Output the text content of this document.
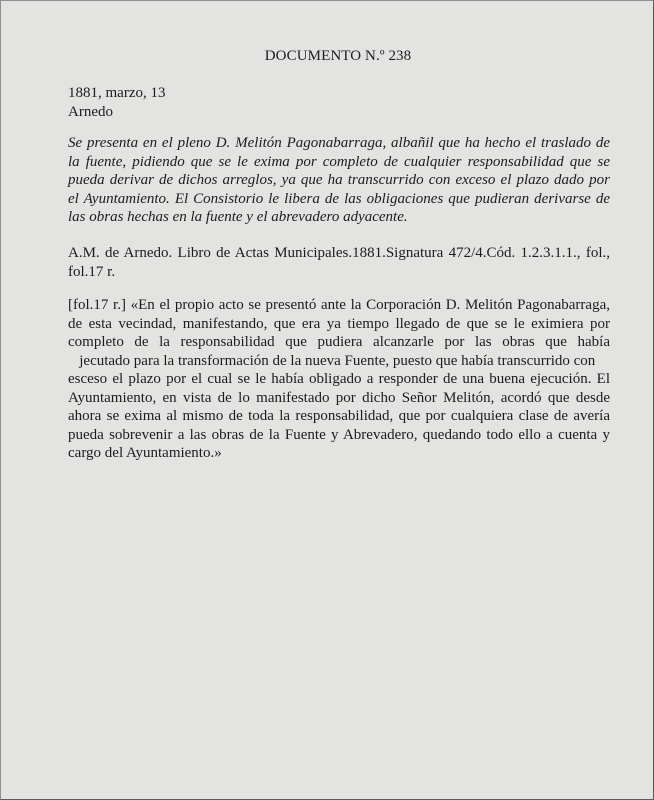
DOCUMENTO N.º 238
1881, marzo, 13
Arnedo
Se presenta en el pleno D. Melitón Pagonabarraga, albañil que ha hecho el traslado de
la fuente, pidiendo que se le exima por completo de cualquier responsabilidad que se
pueda derivar de dichos arreglos, ya que ha transcurrido con exceso el plazo dado por
el Ayuntamiento. El Consistorio le libera de las obligaciones que pudieran derivarse de
las obras hechas en la fuente y el abrevadero adyacente.
A.M. de Arnedo. Libro de Actas Municipales.1881.Signatura 472/4.Cód. 1.2.3.1.1., fol.,
fol.17 r.
[fol.17 r.] «En el propio acto se presentó ante la Corporación D. Melitón Pagonabarraga,
de esta vecindad, manifestando, que era ya tiempo llegado de que se le eximiera por
completo de la responsabilidad que pudiera alcanzarle por las obras que había
jecutado para la transformación de la nueva Fuente, puesto que había transcurrido con
esceso el plazo por el cual se le había obligado a responder de una buena ejecución. El
Ayuntamiento, en vista de lo manifestado por dicho Señor Melitón, acordó que desde
ahora se exima al mismo de toda la responsabilidad, que por cualquiera clase de avería
pueda sobrevenir a las obras de la Fuente y Abrevadero, quedando todo ello a cuenta y
cargo del Ayuntamiento.»
